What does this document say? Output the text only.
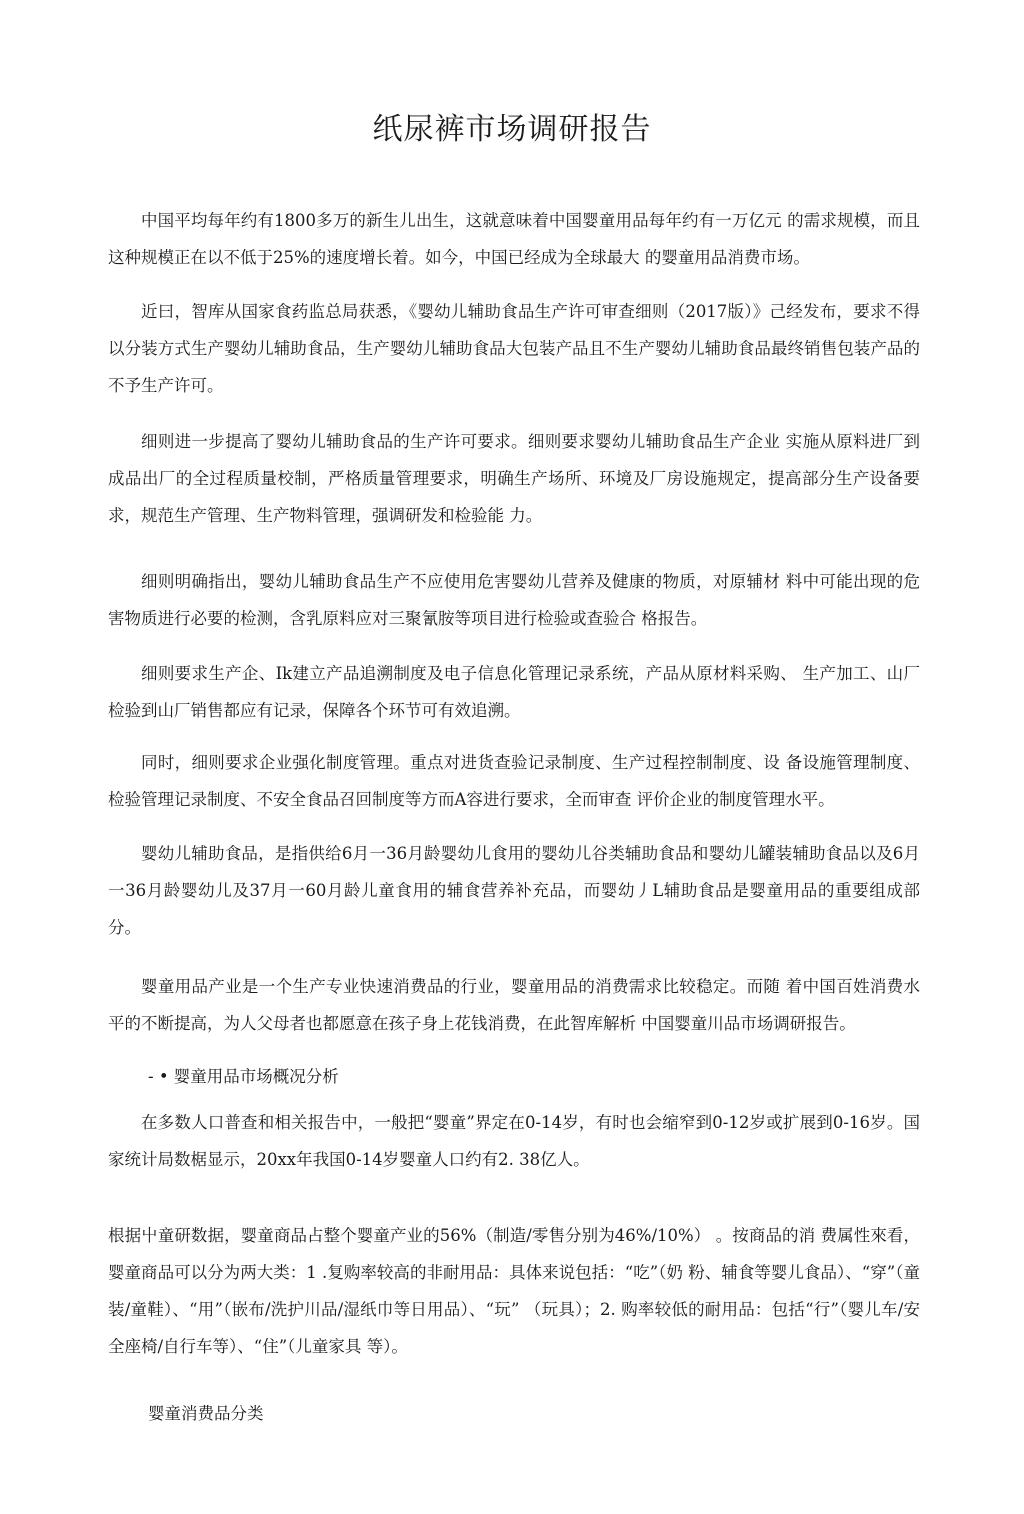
纸尿裤市场调研报告

中国平均每年约有1800多万的新生儿出生，这就意味着中国婴童用品每年约有一万亿元 的需求规模，而且这种规模正在以不低于25%的速度增长着。如今，中国已经成为全球最大 的婴童用品消费市场。

近曰，智库从国家食药监总局获悉，《婴幼儿辅助食品生产许可审查细则（2017版）》己经发布，要求不得以分装方式生产婴幼儿辅助食品，生产婴幼儿辅助食品大包装产品且不生产婴幼儿辅助食品最终销售包装产品的不予生产许可。

细则进一步提高了婴幼儿辅助食品的生产许可要求。细则要求婴幼儿辅助食品生产企业 实施从原料进厂到成品出厂的全过程质量校制，严格质量管理要求，明确生产场所、环境及厂房设施规定，提高部分生产设备要求，规范生产管理、生产物料管理，强调研发和检验能 力。

细则明确指出，婴幼儿辅助食品生产不应使用危害婴幼儿营养及健康的物质，对原辅材 料中可能出现的危害物质进行必要的检测，含乳原料应对三聚氰胺等项目进行检验或查验合 格报告。

细则要求生产企、Ik建立产品追溯制度及电子信息化管理记录系统，产品从原材料采购、 生产加工、山厂检验到山厂销售都应有记录，保障各个环节可有效追溯。

同时，细则要求企业强化制度管理。重点对进货查验记录制度、生产过程控制制度、设 备设施管理制度、检验管理记录制度、不安全食品召回制度等方而A容进行要求，全而审查 评价企业的制度管理水平。

婴幼儿辅助食品，是指供给6月一36月龄婴幼儿食用的婴幼儿谷类辅助食品和婴幼儿罐装辅助食品以及6月一36月龄婴幼儿及37月一60月龄儿童食用的辅食营养补充品，而婴幼丿L辅助食品是婴童用品的重要组成部分。

婴童用品产业是一个生产专业快速消费品的行业，婴童用品的消费需求比较稳定。而随 着中国百姓消费水平的不断提高，为人父母者也都愿意在孩子身上花钱消费，在此智库解析 中国婴童川品市场调研报告。

- • 婴童用品市场概况分析

在多数人口普查和相关报告中，一般把“婴童”界定在0-14岁，有时也会缩窄到0-12岁或扩展到0-16岁。国家统计局数椐显示，20xx年我国0-14岁婴童人口约有2. 38亿人。

根据屮童研数据，婴童商品占整个婴童产业的56%（制造/零售分别为46%/10%） 。按商品的消 费属性來看，婴童商品可以分为两大类：1 .复购率较高的非耐用品：具体来说包括：“吃”（奶 粉、辅食等婴儿食品）、“穿”（童装/童鞋）、“用”（嵌布/洗护川品/湿纸巾等日用品）、“玩” （玩具）；2. 购率较低的耐用品：包括“行”（婴儿车/安全座椅/自行车等）、“住”（儿童家具 等）。

婴童消费品分类
